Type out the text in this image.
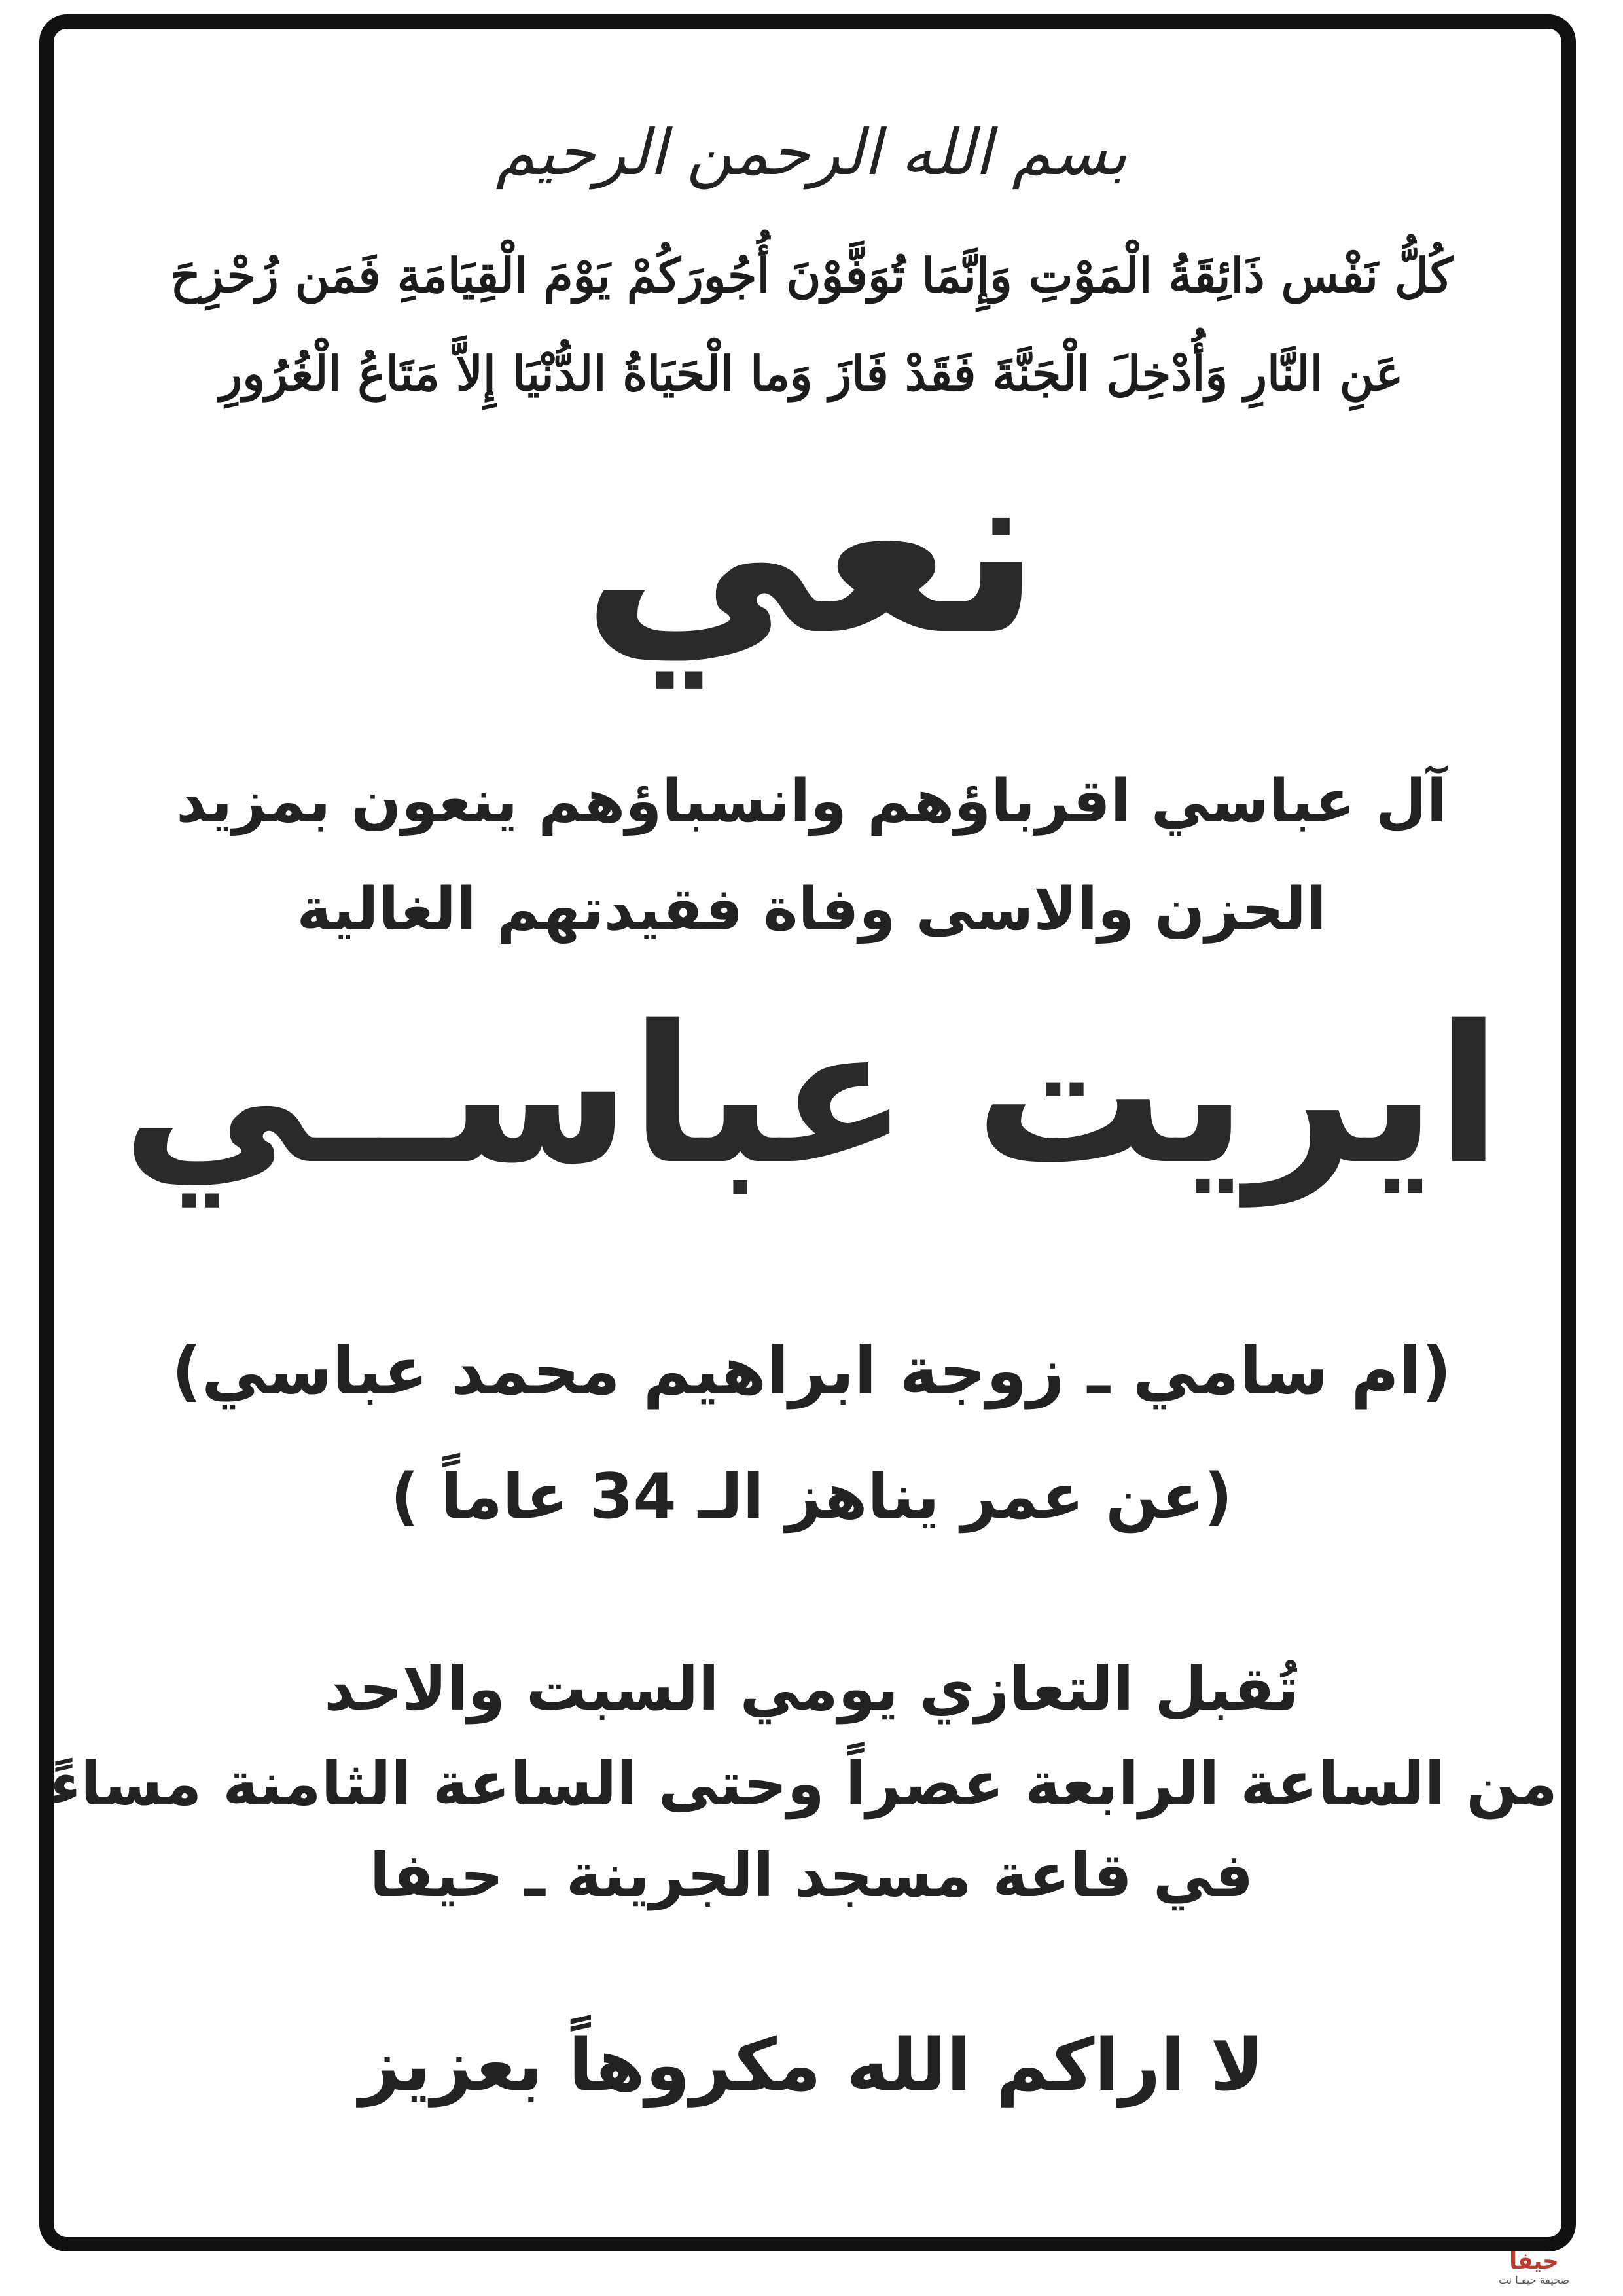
بسم الله الرحمن الرحيم
كُلُّ نَفْس ذَائِقَةُ الْمَوْتِ وَإِنَّمَا تُوَفَّوْنَ أُجُورَكُمْ يَوْمَ الْقِيَامَةِ فَمَن زُحْزِحَ
عَنِ النَّارِ وَأُدْخِلَ الْجَنَّةَ فَقَدْ فَازَ وَما الْحَيَاةُ الدُّنْيَا إِلاَّ مَتَاعُ الْغُرُورِ
نعي
آل عباسي اقرباؤهم وانسباؤهم ينعون بمزيد
الحزن والاسى وفاة فقيدتهم الغالية
ايريت عباســي
(ام سامي ـ زوجة ابراهيم محمد عباسي)
(عن عمر يناهز الـ 34 عاماً )
تُقبل التعازي يومي السبت والاحد
من الساعة الرابعة عصراً وحتى الساعة الثامنة مساءً
في قاعة مسجد الجرينة ـ حيفا
لا اراكم الله مكروهاً بعزيز
حيفا
صحيفة حيفـا نت
